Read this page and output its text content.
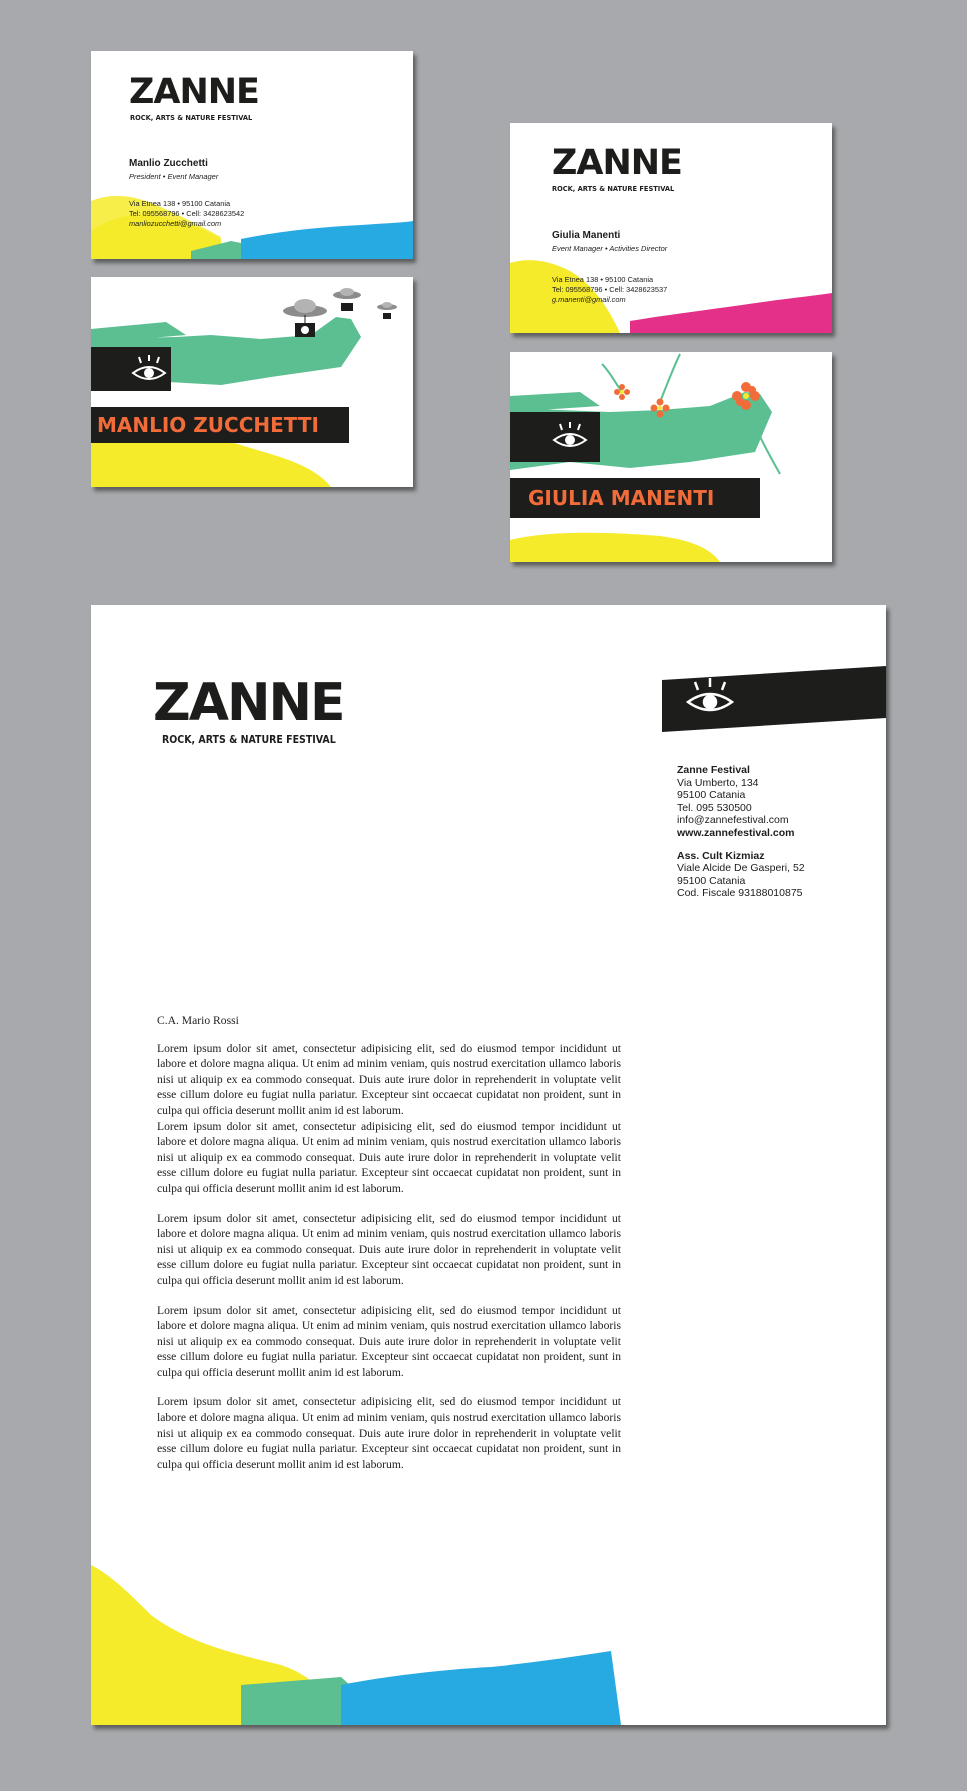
ZANNE
ROCK, ARTS & NATURE FESTIVAL
Manlio Zucchetti
President • Event Manager
Via Etnea 138 • 95100 Catania
Tel: 095568796 • Cell: 3428623542
manliozucchetti@gmail.com
MANLIO ZUCCHETTI
ZANNE
ROCK, ARTS & NATURE FESTIVAL
Giulia Manenti
Event Manager • Activities Director
Via Etnea 138 • 95100 Catania
Tel: 095568796 • Cell: 3428623537
g.manenti@gmail.com
GIULIA MANENTI
ZANNE
ROCK, ARTS & NATURE FESTIVAL
Zanne Festival
Via Umberto, 134
95100 Catania
Tel. 095 530500
info@zannefestival.com
www.zannefestival.com
Ass. Cult Kizmiaz
Viale Alcide De Gasperi, 52
95100 Catania
Cod. Fiscale 93188010875

C.A. Mario Rossi

Lorem ipsum dolor sit amet, consectetur adipisicing elit, sed do eiusmod tempor incididunt ut labore et dolore magna aliqua. Ut enim ad minim veniam, quis nostrud exercitation ullamco laboris nisi ut aliquip ex ea commodo consequat. Duis aute irure dolor in reprehenderit in voluptate velit esse cillum dolore eu fugiat nulla pariatur. Excepteur sint occaecat cupidatat non proident, sunt in culpa qui officia deserunt mollit anim id est laborum.

Lorem ipsum dolor sit amet, consectetur adipisicing elit, sed do eiusmod tempor incididunt ut labore et dolore magna aliqua. Ut enim ad minim veniam, quis nostrud exercitation ullamco laboris nisi ut aliquip ex ea commodo consequat. Duis aute irure dolor in reprehenderit in voluptate velit esse cillum dolore eu fugiat nulla pariatur. Excepteur sint occaecat cupidatat non proident, sunt in culpa qui officia deserunt mollit anim id est laborum.

Lorem ipsum dolor sit amet, consectetur adipisicing elit, sed do eiusmod tempor incididunt ut labore et dolore magna aliqua. Ut enim ad minim veniam, quis nostrud exercitation ullamco laboris nisi ut aliquip ex ea commodo consequat. Duis aute irure dolor in reprehenderit in voluptate velit esse cillum dolore eu fugiat nulla pariatur. Excepteur sint occaecat cupidatat non proident, sunt in culpa qui officia deserunt mollit anim id est laborum.

Lorem ipsum dolor sit amet, consectetur adipisicing elit, sed do eiusmod tempor incididunt ut labore et dolore magna aliqua. Ut enim ad minim veniam, quis nostrud exercitation ullamco laboris nisi ut aliquip ex ea commodo consequat. Duis aute irure dolor in reprehenderit in voluptate velit esse cillum dolore eu fugiat nulla pariatur. Excepteur sint occaecat cupidatat non proident, sunt in culpa qui officia deserunt mollit anim id est laborum.

Lorem ipsum dolor sit amet, consectetur adipisicing elit, sed do eiusmod tempor incididunt ut labore et dolore magna aliqua. Ut enim ad minim veniam, quis nostrud exercitation ullamco laboris nisi ut aliquip ex ea commodo consequat. Duis aute irure dolor in reprehenderit in voluptate velit esse cillum dolore eu fugiat nulla pariatur. Excepteur sint occaecat cupidatat non proident, sunt in culpa qui officia deserunt mollit anim id est laborum.
